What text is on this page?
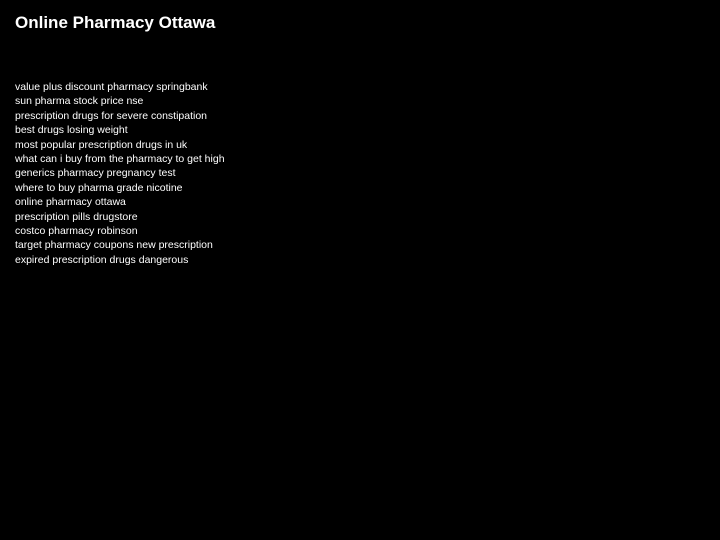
Online Pharmacy Ottawa
value plus discount pharmacy springbank
sun pharma stock price nse
prescription drugs for severe constipation
best drugs losing weight
most popular prescription drugs in uk
what can i buy from the pharmacy to get high
generics pharmacy pregnancy test
where to buy pharma grade nicotine
online pharmacy ottawa
prescription pills drugstore
costco pharmacy robinson
target pharmacy coupons new prescription
expired prescription drugs dangerous
